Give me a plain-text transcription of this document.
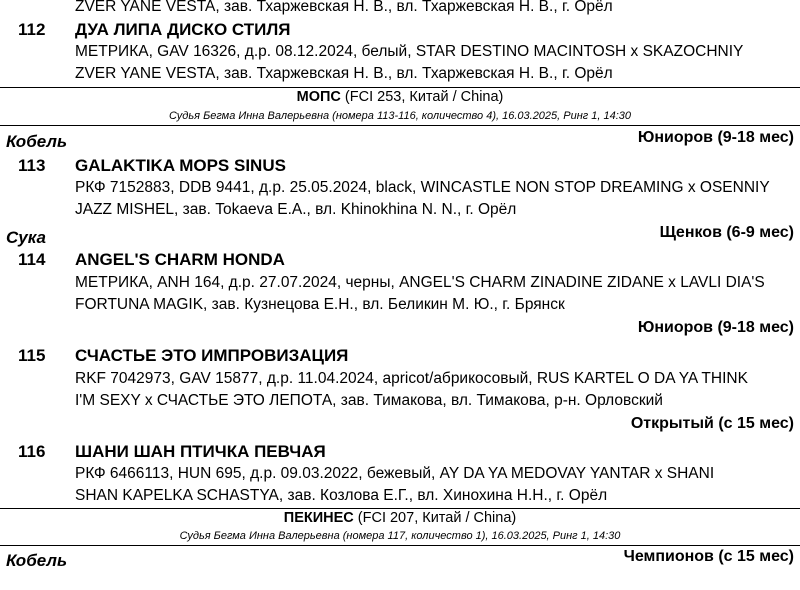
ZVER YANE VESTA, зав. Тхаржевская Н. В., вл. Тхаржевская Н. В., г. Орёл
112 ДУА ЛИПА ДИСКО СТИЛЯ
МЕТРИКА, GAV 16326, д.р. 08.12.2024, белый, STAR DESTINO MACINTOSH x SKAZOCHNIY
ZVER YANE VESTA, зав. Тхаржевская Н. В., вл. Тхаржевская Н. В., г. Орёл
МОПС (FCI 253, Китай / China)
Судья Бегма Инна Валерьевна (номера 113-116, количество 4), 16.03.2025, Ринг 1, 14:30
Кобель	Юниоров (9-18 мес)
113 GALAKTIKA MOPS SINUS
РКФ 7152883, DDB 9441, д.р. 25.05.2024, black, WINCASTLE NON STOP DREAMING x OSENNIY
JAZZ MISHEL, зав. Tokaeva E.A., вл. Khinokhina N. N., г. Орёл
Сука	Щенков (6-9 мес)
114 ANGEL'S CHARM HONDA
МЕТРИКА, ANH 164, д.р. 27.07.2024, черны, ANGEL'S CHARM ZINADINE ZIDANE x LAVLI DIA'S
FORTUNA MAGIK, зав. Кузнецова Е.Н., вл. Беликин М. Ю., г. Брянск
Юниоров (9-18 мес)
115 СЧАСТЬЕ ЭТО ИМПРОВИЗАЦИЯ
RKF 7042973, GAV 15877, д.р. 11.04.2024, apricot/абрикосовый, RUS KARTEL O DA YA THINK
I'M SEXY x СЧАСТЬЕ ЭТО ЛЕПОТА, зав. Тимакова, вл. Тимакова, р-н. Орловский
Открытый (с 15 мес)
116 ШАНИ ШАН ПТИЧКА ПЕВЧАЯ
РКФ 6466113, HUN 695, д.р. 09.03.2022, бежевый, AY DA YA MEDOVAY YANTAR x SHANI
SHAN KAPELKA SCHASTYA, зав. Козлова Е.Г., вл. Хинохина Н.Н., г. Орёл
ПЕКИНЕС (FCI 207, Китай / China)
Судья Бегма Инна Валерьевна (номера 117, количество 1), 16.03.2025, Ринг 1, 14:30
Кобель	Чемпионов (с 15 мес)
